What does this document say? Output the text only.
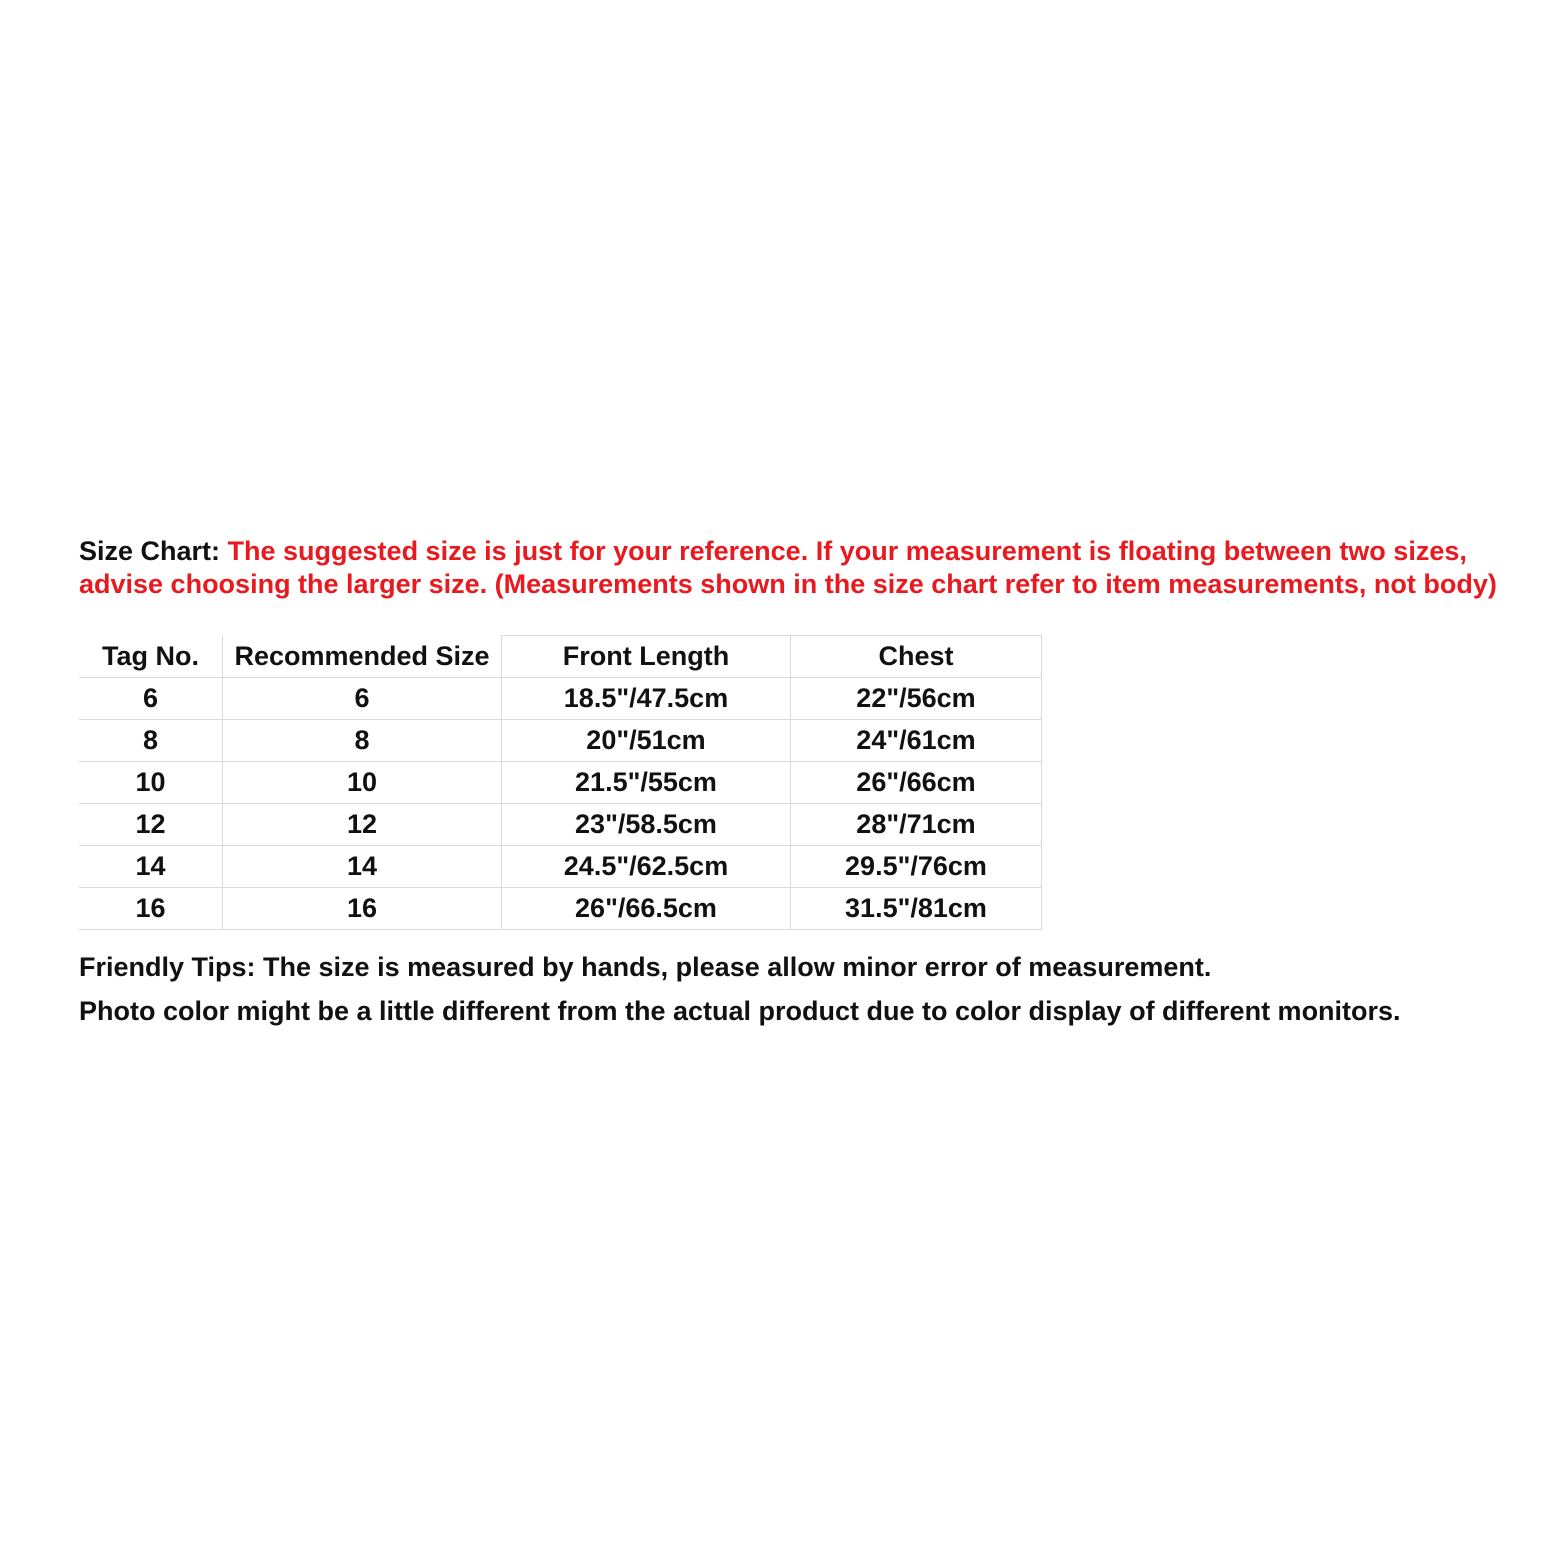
Size Chart: The suggested size is just for your reference. If your measurement is floating between two sizes, advise choosing the larger size. (Measurements shown in the size chart refer to item measurements, not body)
Tag No.	Recommended Size	Front Length	Chest
6	6	18.5"/47.5cm	22"/56cm
8	8	20"/51cm	24"/61cm
10	10	21.5"/55cm	26"/66cm
12	12	23"/58.5cm	28"/71cm
14	14	24.5"/62.5cm	29.5"/76cm
16	16	26"/66.5cm	31.5"/81cm

Friendly Tips: The size is measured by hands, please allow minor error of measurement.

Photo color might be a little different from the actual product due to color display of different monitors.
